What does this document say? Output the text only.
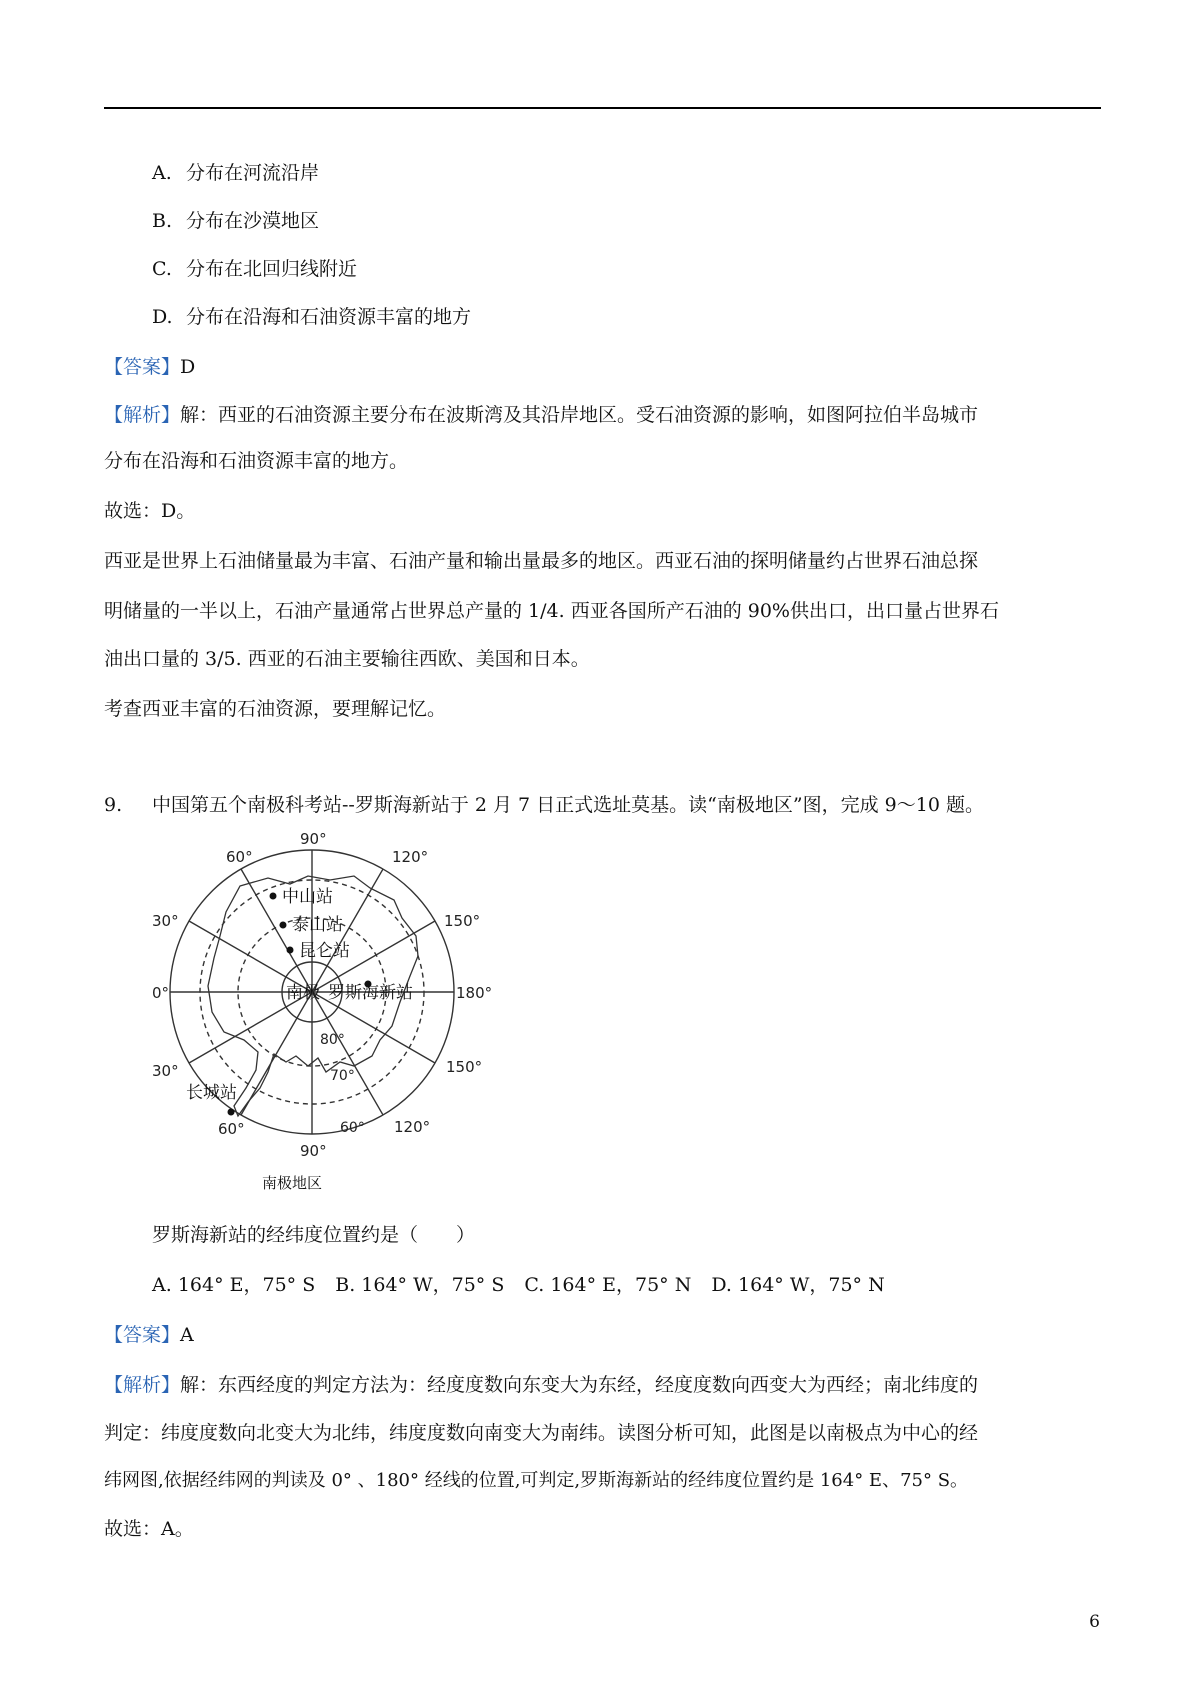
A. 分布在河流沿岸
B. 分布在沙漠地区
C. 分布在北回归线附近
D. 分布在沿海和石油资源丰富的地方
【答案】D
【解析】解：西亚的石油资源主要分布在波斯湾及其沿岸地区。受石油资源的影响，如图阿拉伯半岛城市
分布在沿海和石油资源丰富的地方。
故选：D。
西亚是世界上石油储量最为丰富、石油产量和输出量最多的地区。西亚石油的探明储量约占世界石油总探
明储量的一半以上，石油产量通常占世界总产量的 1/4. 西亚各国所产石油的 90%供出口，出口量占世界石
油出口量的 3/5. 西亚的石油主要输往西欧、美国和日本。
考查西亚丰富的石油资源，要理解记忆。
9. 中国第五个南极科考站--罗斯海新站于 2 月 7 日正式选址莫基。读“南极地区”图，完成 9～10 题。
90°
120°
150°
180°
150°
120°
90°
60°
30°
0°
30°
60°
80°
70°
60°
中山站
泰山站
昆仑站
罗斯海新站
长城站
南极
南极地区
罗斯海新站的经纬度位置约是（　　）
A. 164° E，75° S B. 164° W，75° S C. 164° E，75° N D. 164° W，75° N
【答案】A
【解析】解：东西经度的判定方法为：经度度数向东变大为东经，经度度数向西变大为西经；南北纬度的
判定：纬度度数向北变大为北纬，纬度度数向南变大为南纬。读图分析可知，此图是以南极点为中心的经
纬网图,依据经纬网的判读及 0° 、180° 经线的位置,可判定,罗斯海新站的经纬度位置约是 164° E、75° S。
故选：A。
6
